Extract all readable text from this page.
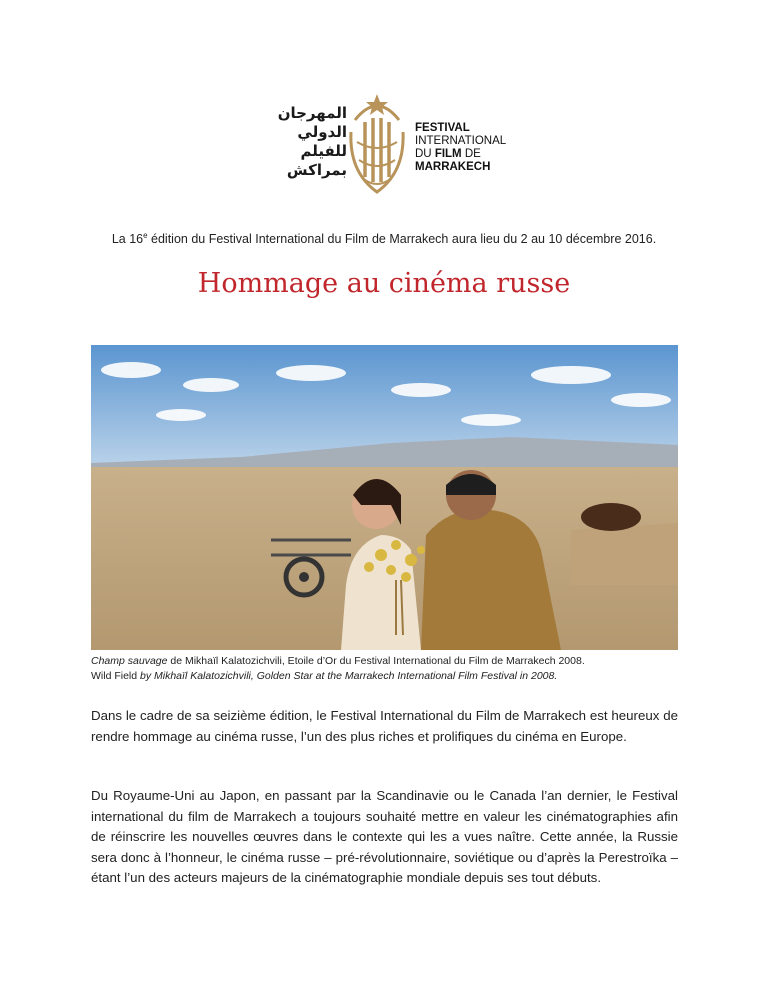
المهرجان
الدولي
للفيلم
بمراكش
FESTIVAL
INTERNATIONAL
DU FILM DE
MARRAKECH
La 16e édition du Festival International du Film de Marrakech aura lieu du 2 au 10 décembre 2016.
Hommage au cinéma russe
Champ sauvage de Mikhaïl Kalatozichvili, Etoile d’Or du Festival International du Film de Marrakech 2008.
Wild Field by Mikhaïl Kalatozichvili, Golden Star at the Marrakech International Film Festival in 2008.
Dans le cadre de sa seizième édition, le Festival International du Film de Marrakech est heureux de rendre hommage au cinéma russe, l’un des plus riches et prolifiques du cinéma en Europe.
Du Royaume-Uni au Japon, en passant par la Scandinavie ou le Canada l’an dernier, le Festival international du film de Marrakech a toujours souhaité mettre en valeur les cinématographies afin de réinscrire les nouvelles œuvres dans le contexte qui les a vues naître. Cette année, la Russie sera donc à l’honneur, le cinéma russe – pré-révolutionnaire, soviétique ou d’après la Perestroïka – étant l’un des acteurs majeurs de la cinématographie mondiale depuis ses tout débuts.
